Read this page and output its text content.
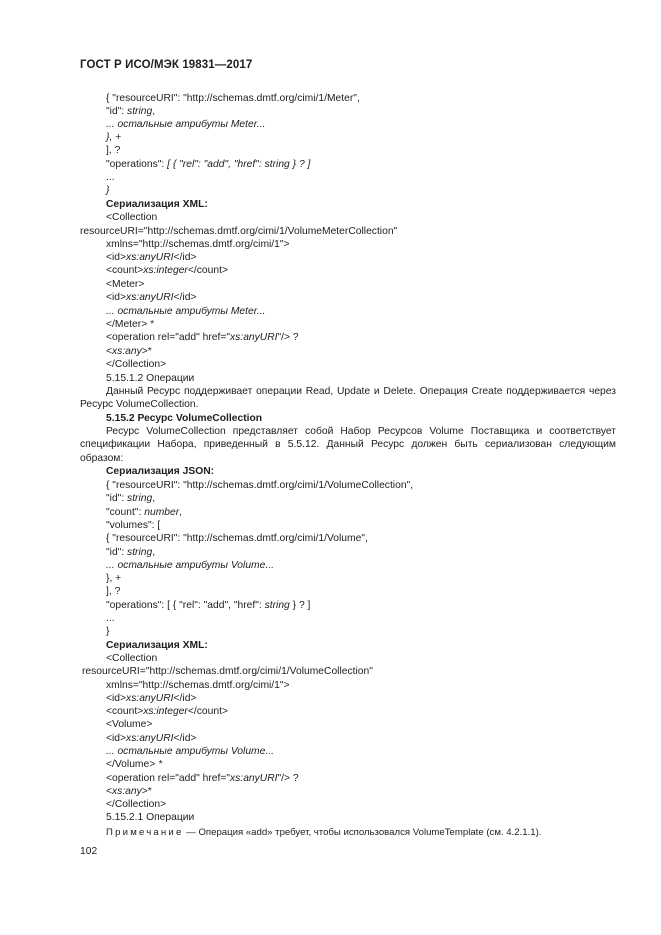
ГОСТ Р ИСО/МЭК 19831—2017
{ "resourceURI": "http://schemas.dmtf.org/cimi/1/Meter",
"id": string,
... остальные атрибуты Meter...
}, +
], ?
"operations": [ { "rel": "add", "href": string } ? ]
...
}
Сериализация XML:
<Collection
resourceURI="http://schemas.dmtf.org/cimi/1/VolumeMeterCollection"
xmlns="http://schemas.dmtf.org/cimi/1">
<id>xs:anyURI</id>
<count>xs:integer</count>
<Meter>
<id>xs:anyURI</id>
... остальные атрибуты Meter...
</Meter> *
<operation rel="add" href="xs:anyURI"/> ?
<xs:any>*
</Collection>
5.15.1.2 Операции
Данный Ресурс поддерживает операции Read, Update и Delete. Операция Create поддерживается через Ресурс VolumeCollection.
5.15.2 Ресурс VolumeCollection
Ресурс VolumeCollection представляет собой Набор Ресурсов Volume Поставщика и соответствует спецификации Набора, приведенный в 5.5.12. Данный Ресурс должен быть сериализован следующим образом:
Сериализация JSON:
{ "resourceURI": "http://schemas.dmtf.org/cimi/1/VolumeCollection",
"id": string,
"count": number,
"volumes": [
{ "resourceURI": "http://schemas.dmtf.org/cimi/1/Volume",
"id": string,
... остальные атрибуты Volume...
}, +
], ?
"operations": [ { "rel": "add", "href": string } ? ]
...
}
Сериализация XML:
<Collection
resourceURI="http://schemas.dmtf.org/cimi/1/VolumeCollection"
xmlns="http://schemas.dmtf.org/cimi/1">
<id>xs:anyURI</id>
<count>xs:integer</count>
<Volume>
<id>xs:anyURI</id>
... остальные атрибуты Volume...
</Volume> *
<operation rel="add" href="xs:anyURI"/> ?
<xs:any>*
</Collection>
5.15.2.1 Операции
Примечание — Операция «add» требует, чтобы использовался VolumeTemplate (см. 4.2.1.1).
102
